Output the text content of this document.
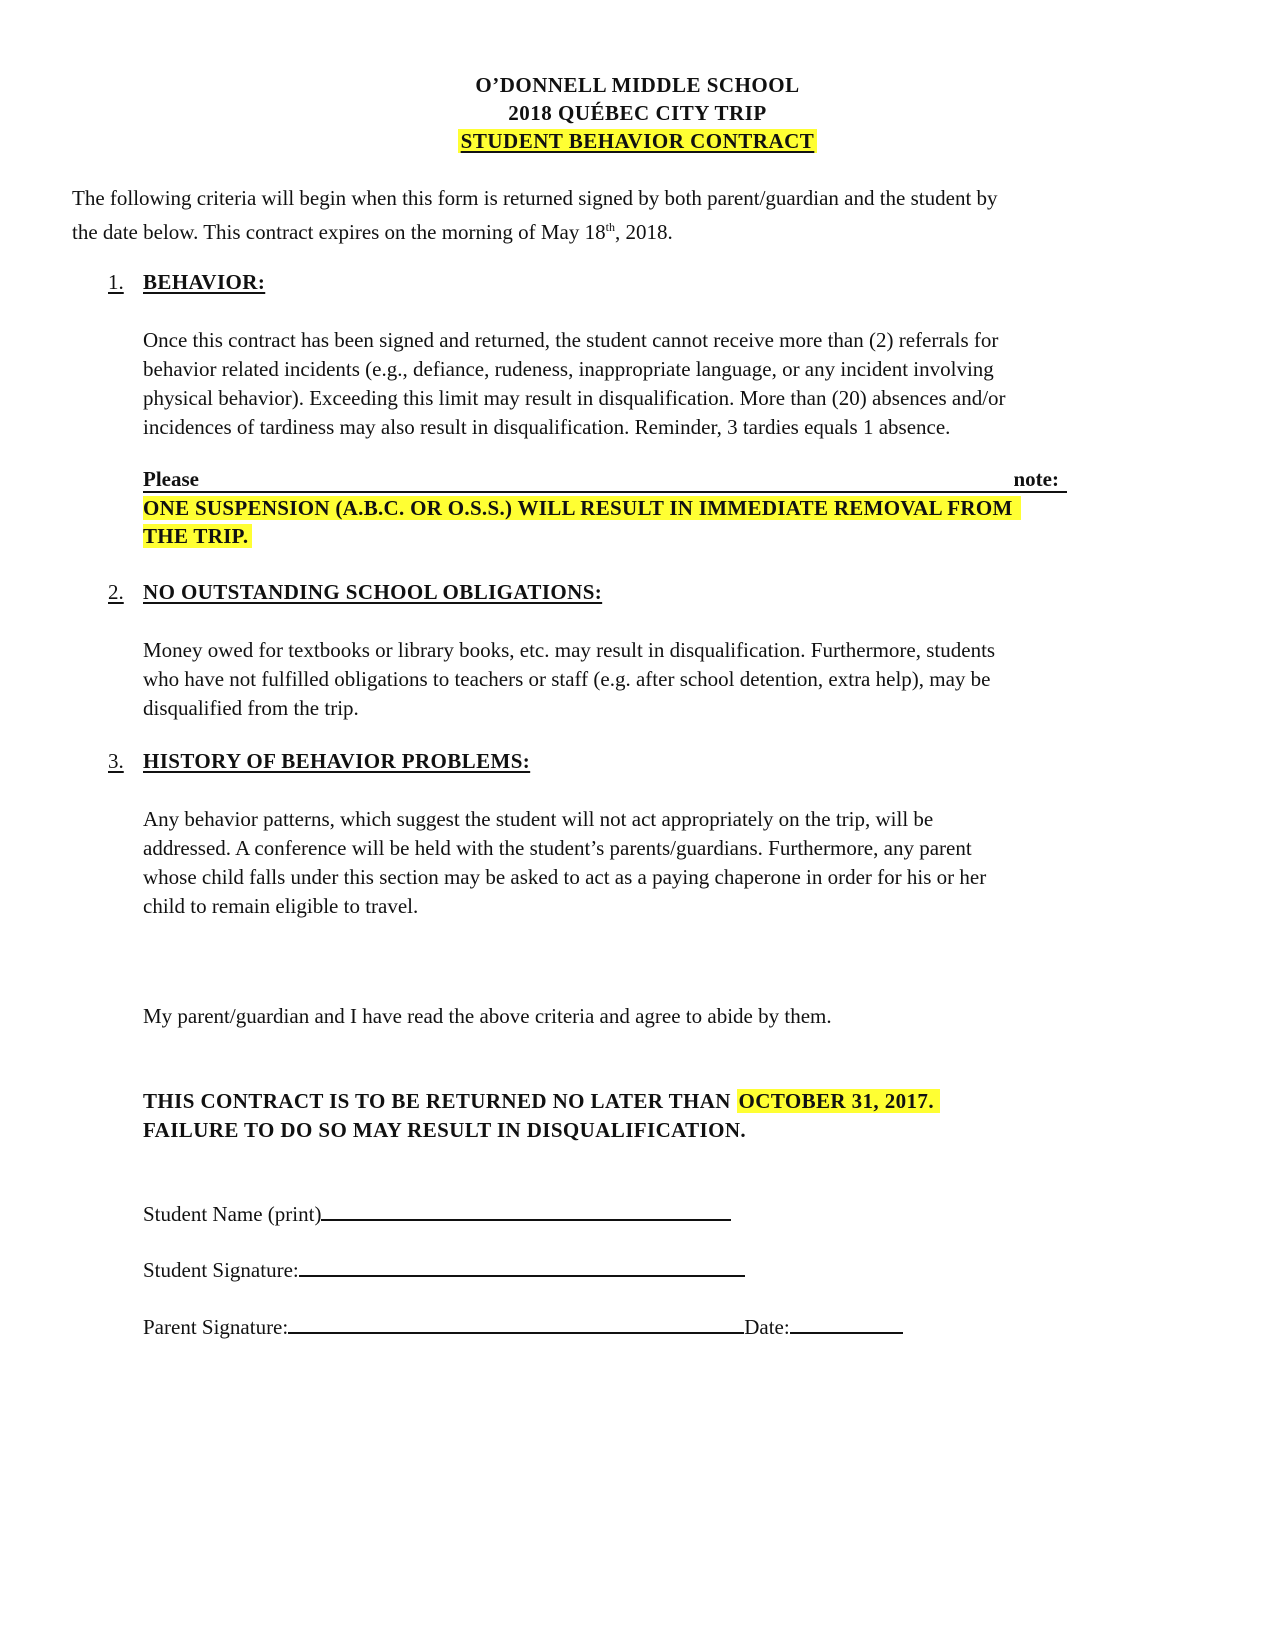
O’DONNELL MIDDLE SCHOOL
2018 QUÉBEC CITY TRIP
STUDENT BEHAVIOR CONTRACT
The following criteria will begin when this form is returned signed by both parent/guardian and the student by
the date below. This contract expires on the morning of May 18th, 2018.
1. BEHAVIOR:
Once this contract has been signed and returned, the student cannot receive more than (2) referrals for
behavior related incidents (e.g., defiance, rudeness, inappropriate language, or any incident involving
physical behavior). Exceeding this limit may result in disqualification. More than (20) absences and/or
incidences of tardiness may also result in disqualification. Reminder, 3 tardies equals 1 absence.
Please	note:
ONE SUSPENSION (A.B.C. OR O.S.S.) WILL RESULT IN IMMEDIATE REMOVAL FROM
THE TRIP.
2. NO OUTSTANDING SCHOOL OBLIGATIONS:
Money owed for textbooks or library books, etc. may result in disqualification. Furthermore, students
who have not fulfilled obligations to teachers or staff (e.g. after school detention, extra help), may be
disqualified from the trip.
3. HISTORY OF BEHAVIOR PROBLEMS:
Any behavior patterns, which suggest the student will not act appropriately on the trip, will be
addressed. A conference will be held with the student’s parents/guardians. Furthermore, any parent
whose child falls under this section may be asked to act as a paying chaperone in order for his or her
child to remain eligible to travel.
My parent/guardian and I have read the above criteria and agree to abide by them.
THIS CONTRACT IS TO BE RETURNED NO LATER THAN OCTOBER 31, 2017.
FAILURE TO DO SO MAY RESULT IN DISQUALIFICATION.
Student Name (print)
Student Signature:
Parent Signature:	Date:
